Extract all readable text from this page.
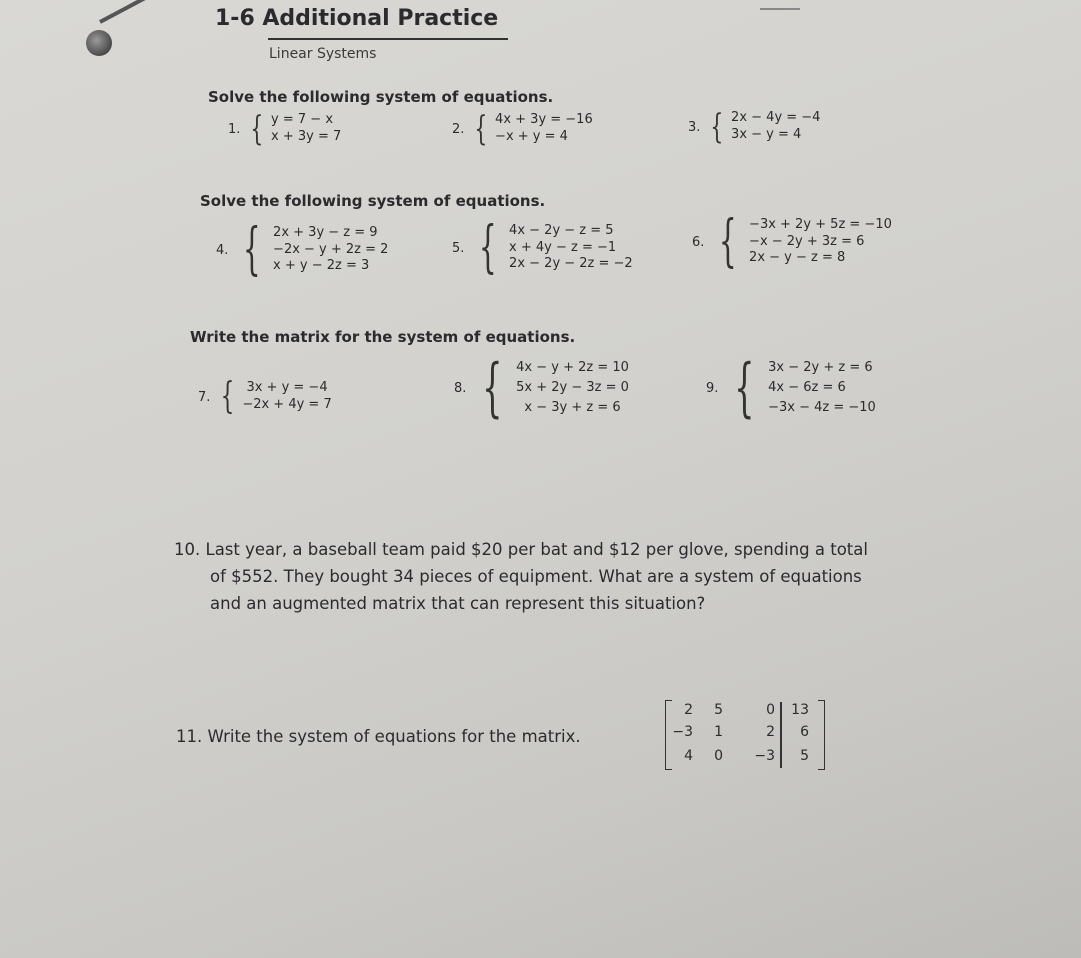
1-6 Additional Practice
Linear Systems
Solve the following system of equations.
1. { y = 7 − x
x + 3y = 7	2. { 4x + 3y = −16
−x + y = 4
3. { 2x − 4y = −4
3x − y = 4
Solve the following system of equations.
4. { 2x + 3y − z = 9
−2x − y + 2z = 2
x + y − 2z = 3
5. { 4x − 2y − z = 5
x + 4y − z = −1
2x − 2y − 2z = −2
6. { −3x + 2y + 5z = −10
−x − 2y + 3z = 6
2x − y − z = 8
Write the matrix for the system of equations.
7. { 3x + y = −4
−2x + 4y = 7
8. { 4x − y + 2z = 10
5x + 2y − 3z = 0
x − 3y + z = 6
9. { 3x − 2y + z = 6
4x − 6z = 6
−3x − 4z = −10
10. Last year, a baseball team paid $20 per bat and $12 per glove, spending a total
of $552. They bought 34 pieces of equipment. What are a system of equations
and an augmented matrix that can represent this situation?
11. Write the system of equations for the matrix.
2	5	0 13
−3	1	2	6
4	0 −3	5
